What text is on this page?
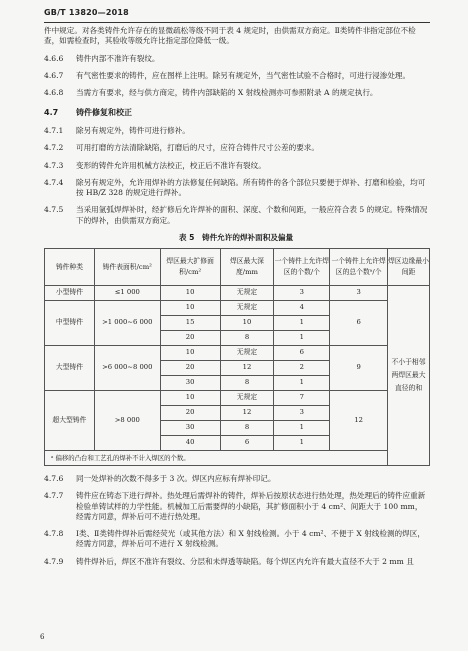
GB/T 13820—2018

件中规定。对各类铸件允许存在的显微疏松等级不同于表 4 规定时，由供需双方商定。Ⅱ类铸件非指定部位不检查，如需检查时，其验收等级允许比指定部位降低一级。

4.6.6	铸件内部不准许有裂纹。
4.6.7	有气密性要求的铸件，应在图样上注明。除另有规定外，当气密性试验不合格时，可进行浸渗处理。
4.6.8	当需方有要求，经与供方商定，铸件内部缺陷的 X 射线检测亦可参照附录 A 的规定执行。
4.7	铸件修复和校正
4.7.1	除另有规定外，铸件可进行修补。
4.7.2	可用打磨的方法清除缺陷，打磨后的尺寸，应符合铸件尺寸公差的要求。
4.7.3	变形的铸件允许用机械方法校正，校正后不准许有裂纹。
4.7.4	除另有规定外，允许用焊补的方法修复任何缺陷。所有铸件的各个部位只要便于焊补、打磨和检验，均可按 HB/Z 328 的规定进行焊补。
4.7.5	当采用氩弧焊焊补时，经扩修后允许焊补的面积、深度、个数和间距，一般应符合表 5 的规定。特殊情况下的焊补，由供需双方商定。
表 5　铸件允许的焊补面积及偏量
铸件种类	铸件表面积/cm²	焊区最大扩修面积/cm²	焊区最大深度/mm	一个铸件上允许焊区的个数/个	一个铸件上允许焊区的总个数ᵃ/个	焊区边缘最小间距
小型铸件	≤1 000	10	无规定	3	3	不小于相邻两焊区最大直径的和
中型铸件	>1 000~6 000	10	无规定	4	6	
		15	10	1		
		20	8	1		
大型铸件	>6 000~8 000	10	无规定	6	9	
		20	12	2		
		30	8	1		
超大型铸件	>8 000	10	无规定	7	12	
		20	12	3		
		30	8	1		
		40	6	1		
ᵃ 偏移的凸台和工艺孔的焊补不计入焊区的个数。						
4.7.6	同一处焊补的次数不得多于 3 次。焊区内应标有焊补印记。
4.7.7	铸件应在铸态下进行焊补。热处理后需焊补的铸件，焊补后按原状态进行热处理，热处理后的铸件应重新检验单铸试样的力学性能。机械加工后需要焊的小缺陷，其扩修面积小于 4 cm²、间距大于 100 mm，经需方同意，焊补后可不进行热处理。
4.7.8	Ⅰ类、Ⅱ类铸件焊补后需经荧光（或其他方法）和 X 射线检测。小于 4 cm²、不便于 X 射线检测的焊区，经需方同意，焊补后可不进行 X 射线检测。
4.7.9	铸件焊补后，焊区不准许有裂纹、分层和未焊透等缺陷。每个焊区内允许有最大直径不大于 2 mm 且
6
